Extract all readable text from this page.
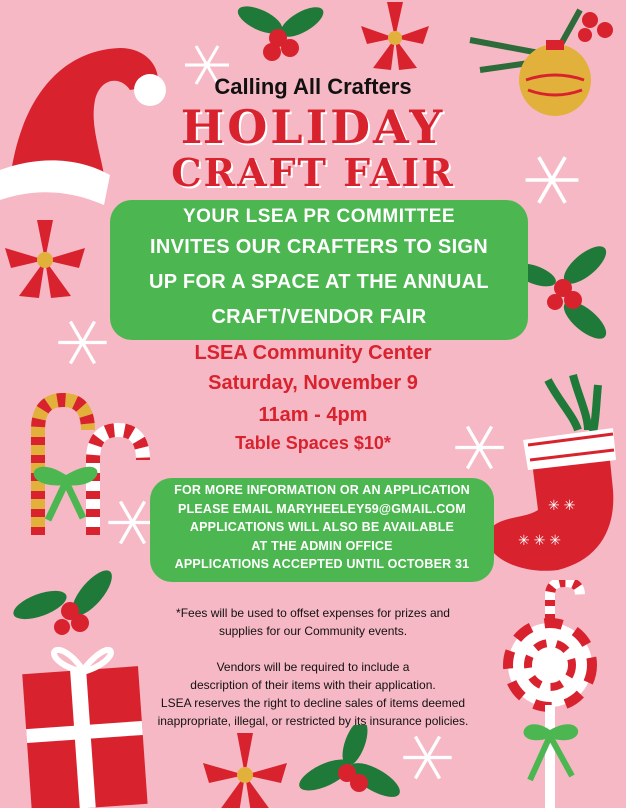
✳ ✳
✳ ✳ ✳
Calling All Crafters
HOLIDAY
CRAFT FAIR
YOUR LSEA PR COMMITTEE
INVITES OUR CRAFTERS TO SIGN
UP FOR A SPACE AT THE ANNUAL
CRAFT/VENDOR FAIR
LSEA Community Center
Saturday, November 9
11am - 4pm
Table Spaces $10*
FOR MORE INFORMATION OR AN APPLICATION
PLEASE EMAIL MARYHEELEY59@GMAIL.COM
APPLICATIONS WILL ALSO BE AVAILABLE
AT THE ADMIN OFFICE
APPLICATIONS ACCEPTED UNTIL OCTOBER 31
*Fees will be used to offset expenses for prizes and
supplies for our Community events.
Vendors will be required to include a
description of their items with their application.
LSEA reserves the right to decline sales of items deemed
inappropriate, illegal, or restricted by its insurance policies.
